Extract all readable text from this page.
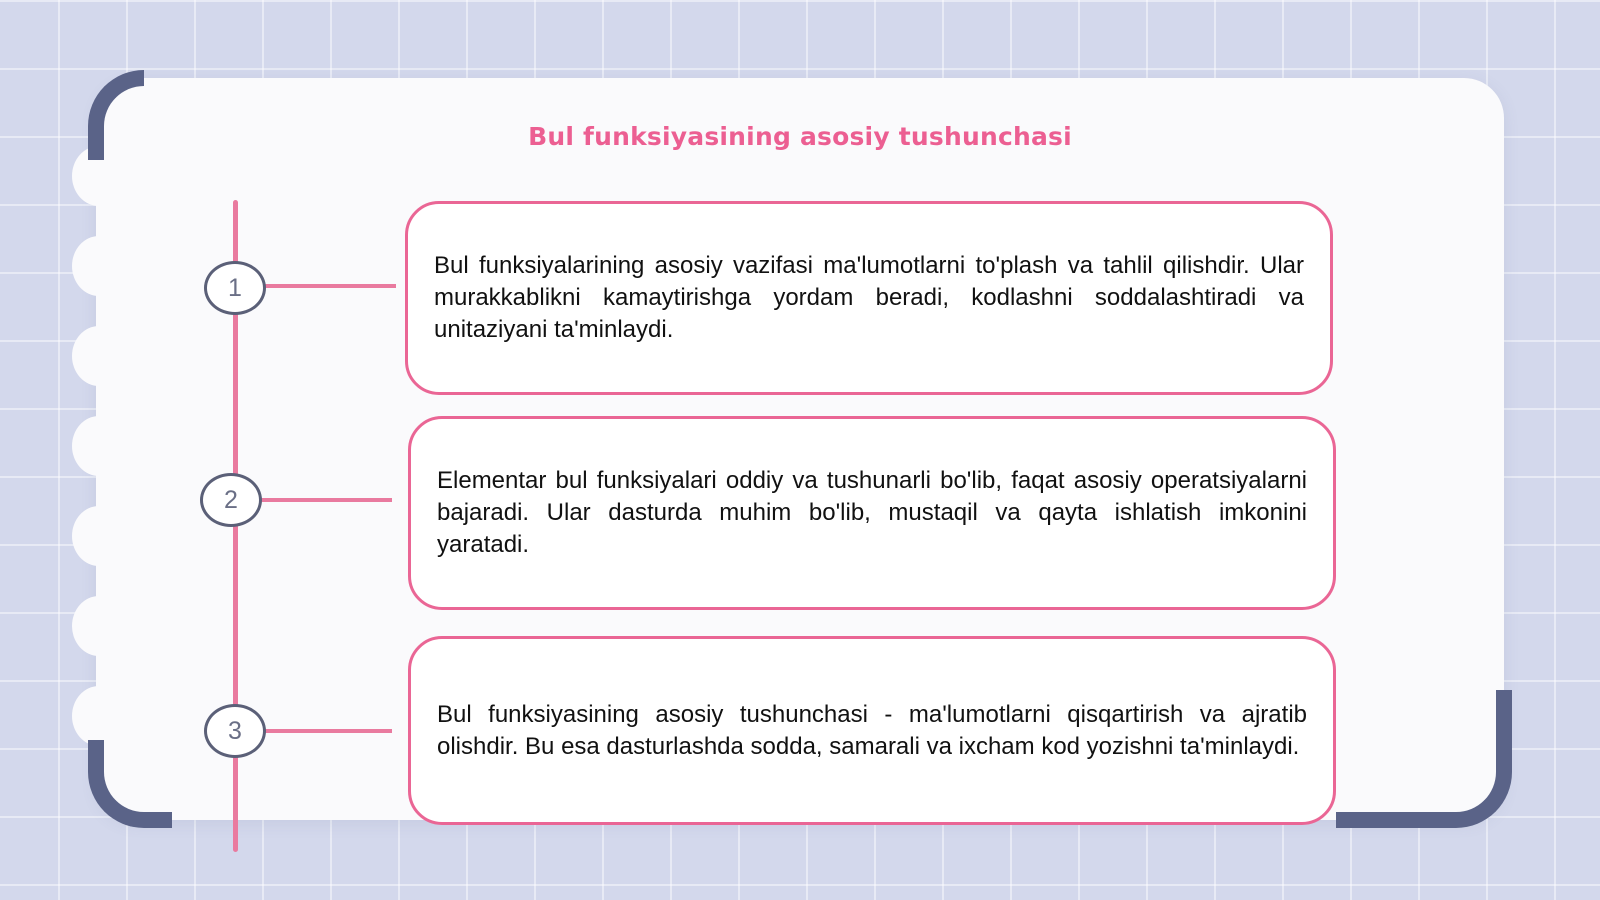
Bul funksiyasining asosiy tushunchasi
1

Bul funksiyalarining asosiy vazifasi ma'lumotlarni to'plash va tahlil qilishdir. Ular murakkablikni kamaytirishga yordam beradi, kodlashni soddalashtiradi va unitaziyani ta'minlaydi.

2

Elementar bul funksiyalari oddiy va tushunarli bo'lib, faqat asosiy operatsiyalarni bajaradi. Ular dasturda muhim bo'lib, mustaqil va qayta ishlatish imkonini yaratadi.

3

Bul funksiyasining asosiy tushunchasi - ma'lumotlarni qisqartirish va ajratib olishdir. Bu esa dasturlashda sodda, samarali va ixcham kod yozishni ta'minlaydi.
